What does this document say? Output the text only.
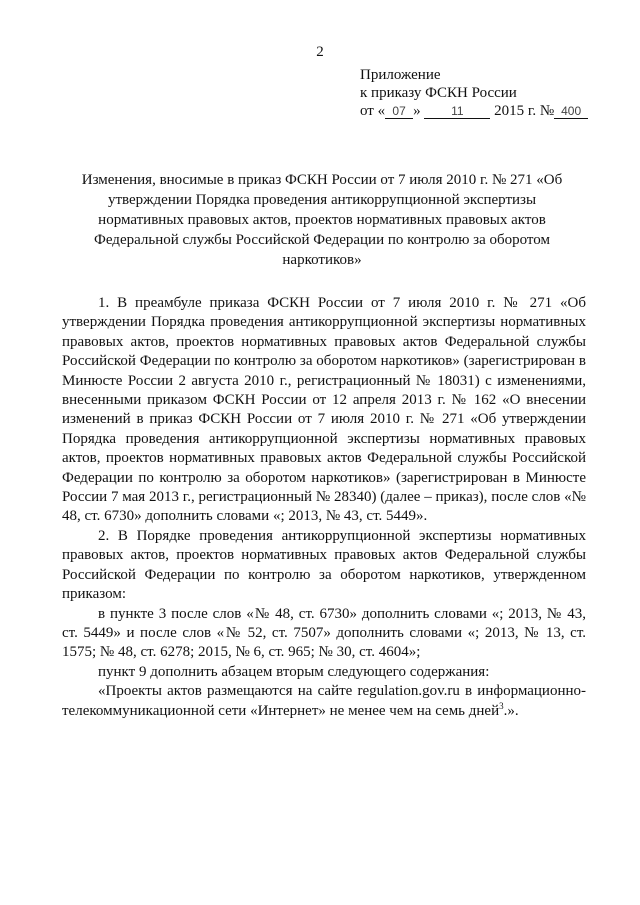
2
Приложение
к приказу ФСКН России
от « 07 »	11 2015 г. № 400
Изменения, вносимые в приказ ФСКН России от 7 июля 2010 г. № 271 «Об утверждении Порядка проведения антикоррупционной экспертизы нормативных правовых актов, проектов нормативных правовых актов Федеральной службы Российской Федерации по контролю за оборотом наркотиков»

1. В преамбуле приказа ФСКН России от 7 июля 2010 г. № 271 «Об утверждении Порядка проведения антикоррупционной экспертизы нормативных правовых актов, проектов нормативных правовых актов Федеральной службы Российской Федерации по контролю за оборотом наркотиков» (зарегистрирован в Минюсте России 2 августа 2010 г., регистрационный № 18031) с изменениями, внесенными приказом ФСКН России от 12 апреля 2013 г. № 162 «О внесении изменений в приказ ФСКН России от 7 июля 2010 г. № 271 «Об утверждении Порядка проведения антикоррупционной экспертизы нормативных правовых актов, проектов нормативных правовых актов Федеральной службы Российской Федерации по контролю за оборотом наркотиков» (зарегистрирован в Минюсте России 7 мая 2013 г., регистрационный № 28340) (далее – приказ), после слов «№ 48, ст. 6730» дополнить словами «; 2013, № 43, ст. 5449».

2. В Порядке проведения антикоррупционной экспертизы нормативных правовых актов, проектов нормативных правовых актов Федеральной службы Российской Федерации по контролю за оборотом наркотиков, утвержденном приказом:

в пункте 3 после слов «№ 48, ст. 6730» дополнить словами «; 2013, № 43, ст. 5449» и после слов «№ 52, ст. 7507» дополнить словами «; 2013, № 13, ст. 1575; № 48, ст. 6278; 2015, № 6, ст. 965; № 30, ст. 4604»;

пункт 9 дополнить абзацем вторым следующего содержания:

«Проекты актов размещаются на сайте regulation.gov.ru в информационно-телекоммуникационной сети «Интернет» не менее чем на семь дней$^3$.».
